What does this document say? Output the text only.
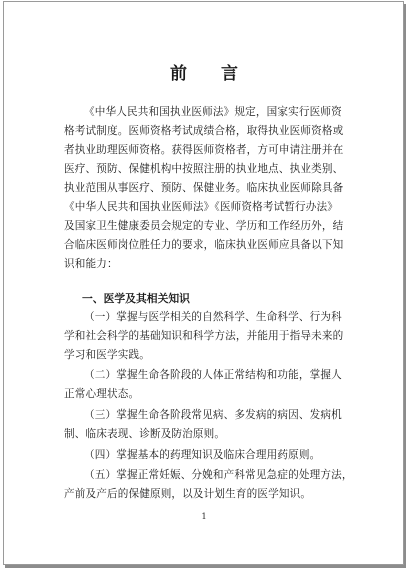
前 言
《中华人民共和国执业医师法》规定，国家实行医师资
格考试制度。医师资格考试成绩合格，取得执业医师资格或
者执业助理医师资格。获得医师资格者，方可申请注册并在
医疗、预防、保健机构中按照注册的执业地点、执业类别、
执业范围从事医疗、预防、保健业务。临床执业医师除具备
《中华人民共和国执业医师法》《医师资格考试暂行办法》
及国家卫生健康委员会规定的专业、学历和工作经历外，结
合临床医师岗位胜任力的要求，临床执业医师应具备以下知
识和能力：
一、医学及其相关知识
（一）掌握与医学相关的自然科学、生命科学、行为科
学和社会科学的基础知识和科学方法，并能用于指导未来的
学习和医学实践。
（二）掌握生命各阶段的人体正常结构和功能，掌握人
正常心理状态。
（三）掌握生命各阶段常见病、多发病的病因、发病机
制、临床表现、诊断及防治原则。
（四）掌握基本的药理知识及临床合理用药原则。
（五）掌握正常妊娠、分娩和产科常见急症的处理方法，
产前及产后的保健原则，以及计划生育的医学知识。
1
